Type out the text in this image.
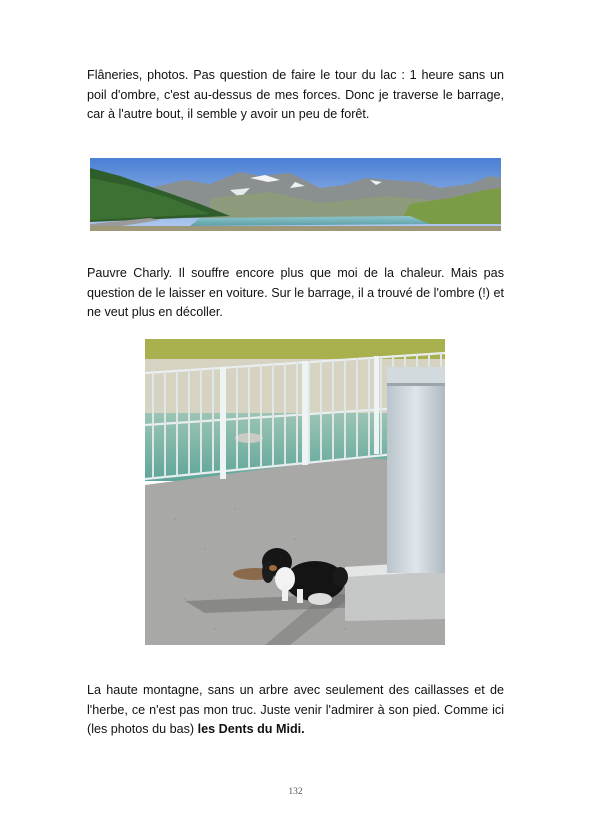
Flâneries, photos. Pas question de faire le tour du lac : 1 heure sans un poil d'ombre, c'est au-dessus de mes forces. Donc je traverse le barrage, car à l'autre bout, il semble y avoir un peu de forêt.

Pauvre Charly. Il souffre encore plus que moi de la chaleur. Mais pas question de le laisser en voiture. Sur le barrage, il a trouvé de l'ombre (!) et ne veut plus en décoller.

La haute montagne, sans un arbre avec seulement des caillasses et de l'herbe, ce n'est pas mon truc. Juste venir l'admirer à son pied. Comme ici (les photos du bas) les Dents du Midi.

132
